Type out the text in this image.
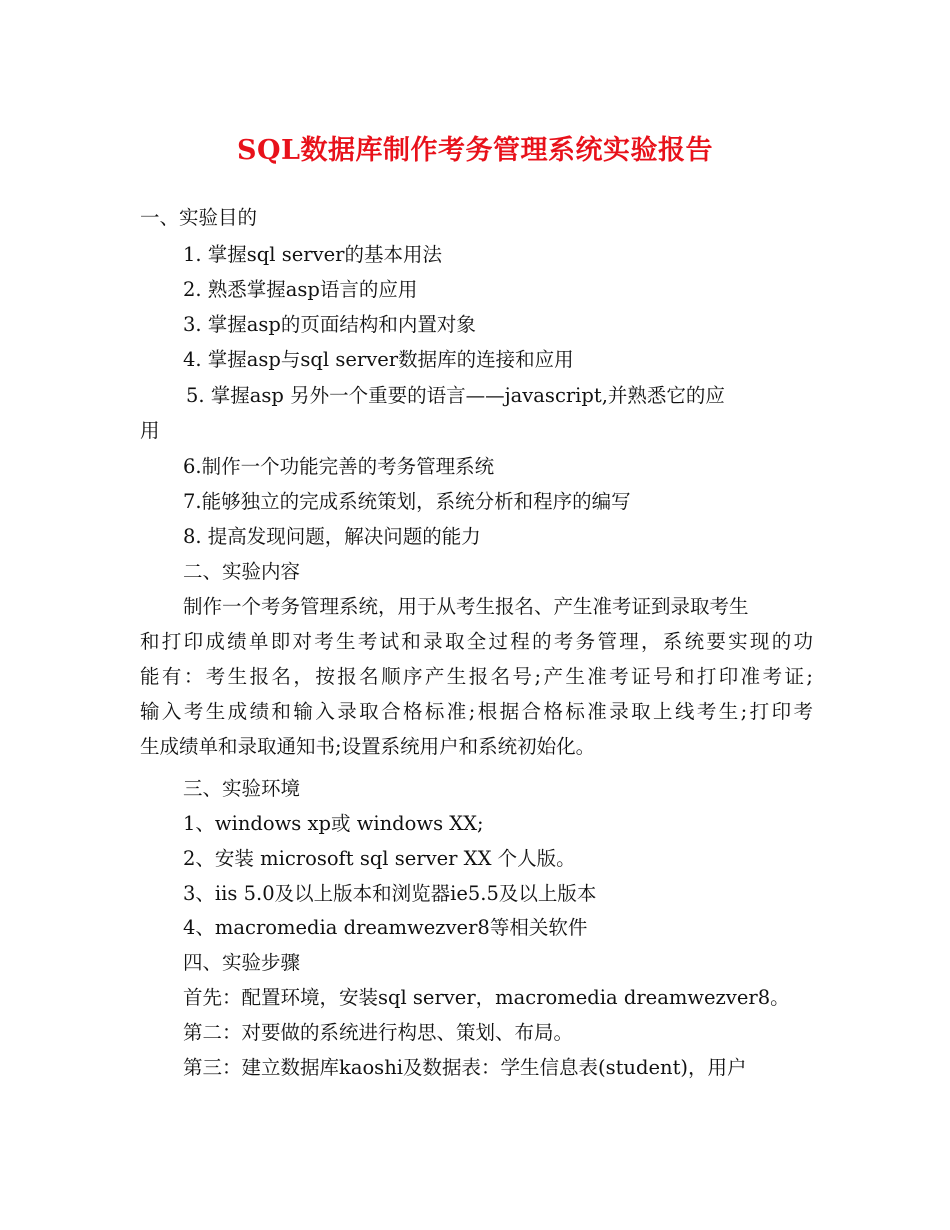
SQL数据库制作考务管理系统实验报告
一、实验目的
1. 掌握sql server的基本用法
2. 熟悉掌握asp语言的应用
3. 掌握asp的页面结构和内置对象
4. 掌握asp与sql server数据库的连接和应用
5. 掌握asp 另外一个重要的语言——javascript,并熟悉它的应
用
6.制作一个功能完善的考务管理系统
7.能够独立的完成系统策划，系统分析和程序的编写
8. 提高发现问题，解决问题的能力
二、实验内容
制作一个考务管理系统，用于从考生报名、产生准考证到录取考生
和打印成绩单即对考生考试和录取全过程的考务管理，系统要实现的功
能有：考生报名，按报名顺序产生报名号;产生准考证号和打印准考证;
输入考生成绩和输入录取合格标准;根据合格标准录取上线考生;打印考
生成绩单和录取通知书;设置系统用户和系统初始化。
三、实验环境
1、windows xp或 windows XX;
2、安装 microsoft sql server XX 个人版。
3、iis 5.0及以上版本和浏览器ie5.5及以上版本
4、macromedia dreamwezver8等相关软件
四、实验步骤
首先：配置环境，安装sql server，macromedia dreamwezver8。
第二：对要做的系统进行构思、策划、布局。
第三：建立数据库kaoshi及数据表：学生信息表(student)，用户
